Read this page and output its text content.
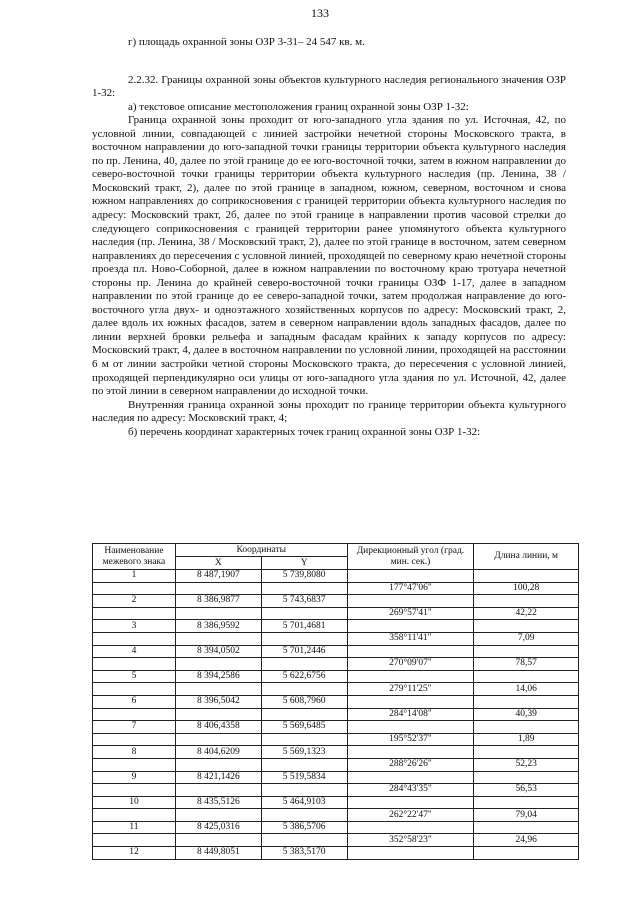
133

г) площадь охранной зоны ОЗР 3-31– 24 547 кв. м.

2.2.32. Границы охранной зоны объектов культурного наследия регионального значения ОЗР 1-32:

а) текстовое описание местоположения границ охранной зоны ОЗР 1-32:

Граница охранной зоны проходит от юго-западного угла здания по ул. Источная, 42, по условной линии, совпадающей с линией застройки нечетной стороны Московского тракта, в восточном направлении до юго-западной точки границы территории объекта культурного наследия по пр. Ленина, 40, далее по этой границе до ее юго-восточной точки, затем в южном направлении до северо-восточной точки границы территории объекта культурного наследия (пр. Ленина, 38 / Московский тракт, 2), далее по этой границе в западном, южном, северном, восточном и снова южном направлениях до соприкосновения с границей территории объекта культурного наследия по адресу: Московский тракт, 2б, далее по этой границе в направлении против часовой стрелки до следующего соприкосновения с границей территории ранее упомянутого объекта культурного наследия (пр. Ленина, 38 / Московский тракт, 2), далее по этой границе в восточном, затем северном направлениях до пересечения с условной линией, проходящей по северному краю нечетной стороны проезда пл. Ново-Соборной, далее в южном направлении по восточному краю тротуара нечетной стороны пр. Ленина до крайней северо-восточной точки границы ОЗФ 1-17, далее в западном направлении по этой границе до ее северо-западной точки, затем продолжая направление до юго-восточного угла двух- и одноэтажного хозяйственных корпусов по адресу: Московский тракт, 2, далее вдоль их южных фасадов, затем в северном направлении вдоль западных фасадов, далее по линии верхней бровки рельефа и западным фасадам крайних к западу корпусов по адресу: Московский тракт, 4, далее в восточном направлении по условной линии, проходящей на расстоянии 6 м от линии застройки четной стороны Московского тракта, до пересечения с условной линией, проходящей перпендикулярно оси улицы от юго-западного угла здания по ул. Источной, 42, далее по этой линии в северном направлении до исходной точки.

Внутренняя граница охранной зоны проходит по границе территории объекта культурного наследия по адресу: Московский тракт, 4;

б) перечень координат характерных точек границ охранной зоны ОЗР 1-32:

Наименование межевого знака	Координаты		Дирекционный угол (град. мин. сек.)	Длина линии, м
	X	Y		
1	8 487,1907	5 739,8080		
			177°47'06"	100,28
2	8 386,9877	5 743,6837		
			269°57'41"	42,22
3	8 386,9592	5 701,4681		
			358°11'41"	7,09
4	8 394,0502	5 701,2446		
			270°09'07"	78,57
5	8 394,2586	5 622,6756		
			279°11'25"	14,06
6	8 396,5042	5 608,7960		
			284°14'08"	40,39
7	8 406,4358	5 569,6485		
			195°52'37"	1,89
8	8 404,6209	5 569,1323		
			288°26'26"	52,23
9	8 421,1426	5 519,5834		
			284°43'35"	56,53
10	8 435,5126	5 464,9103		
			262°22'47"	79,04
11	8 425,0316	5 386,5706		
			352°58'23"	24,96
12	8 449,8051	5 383,5170		
